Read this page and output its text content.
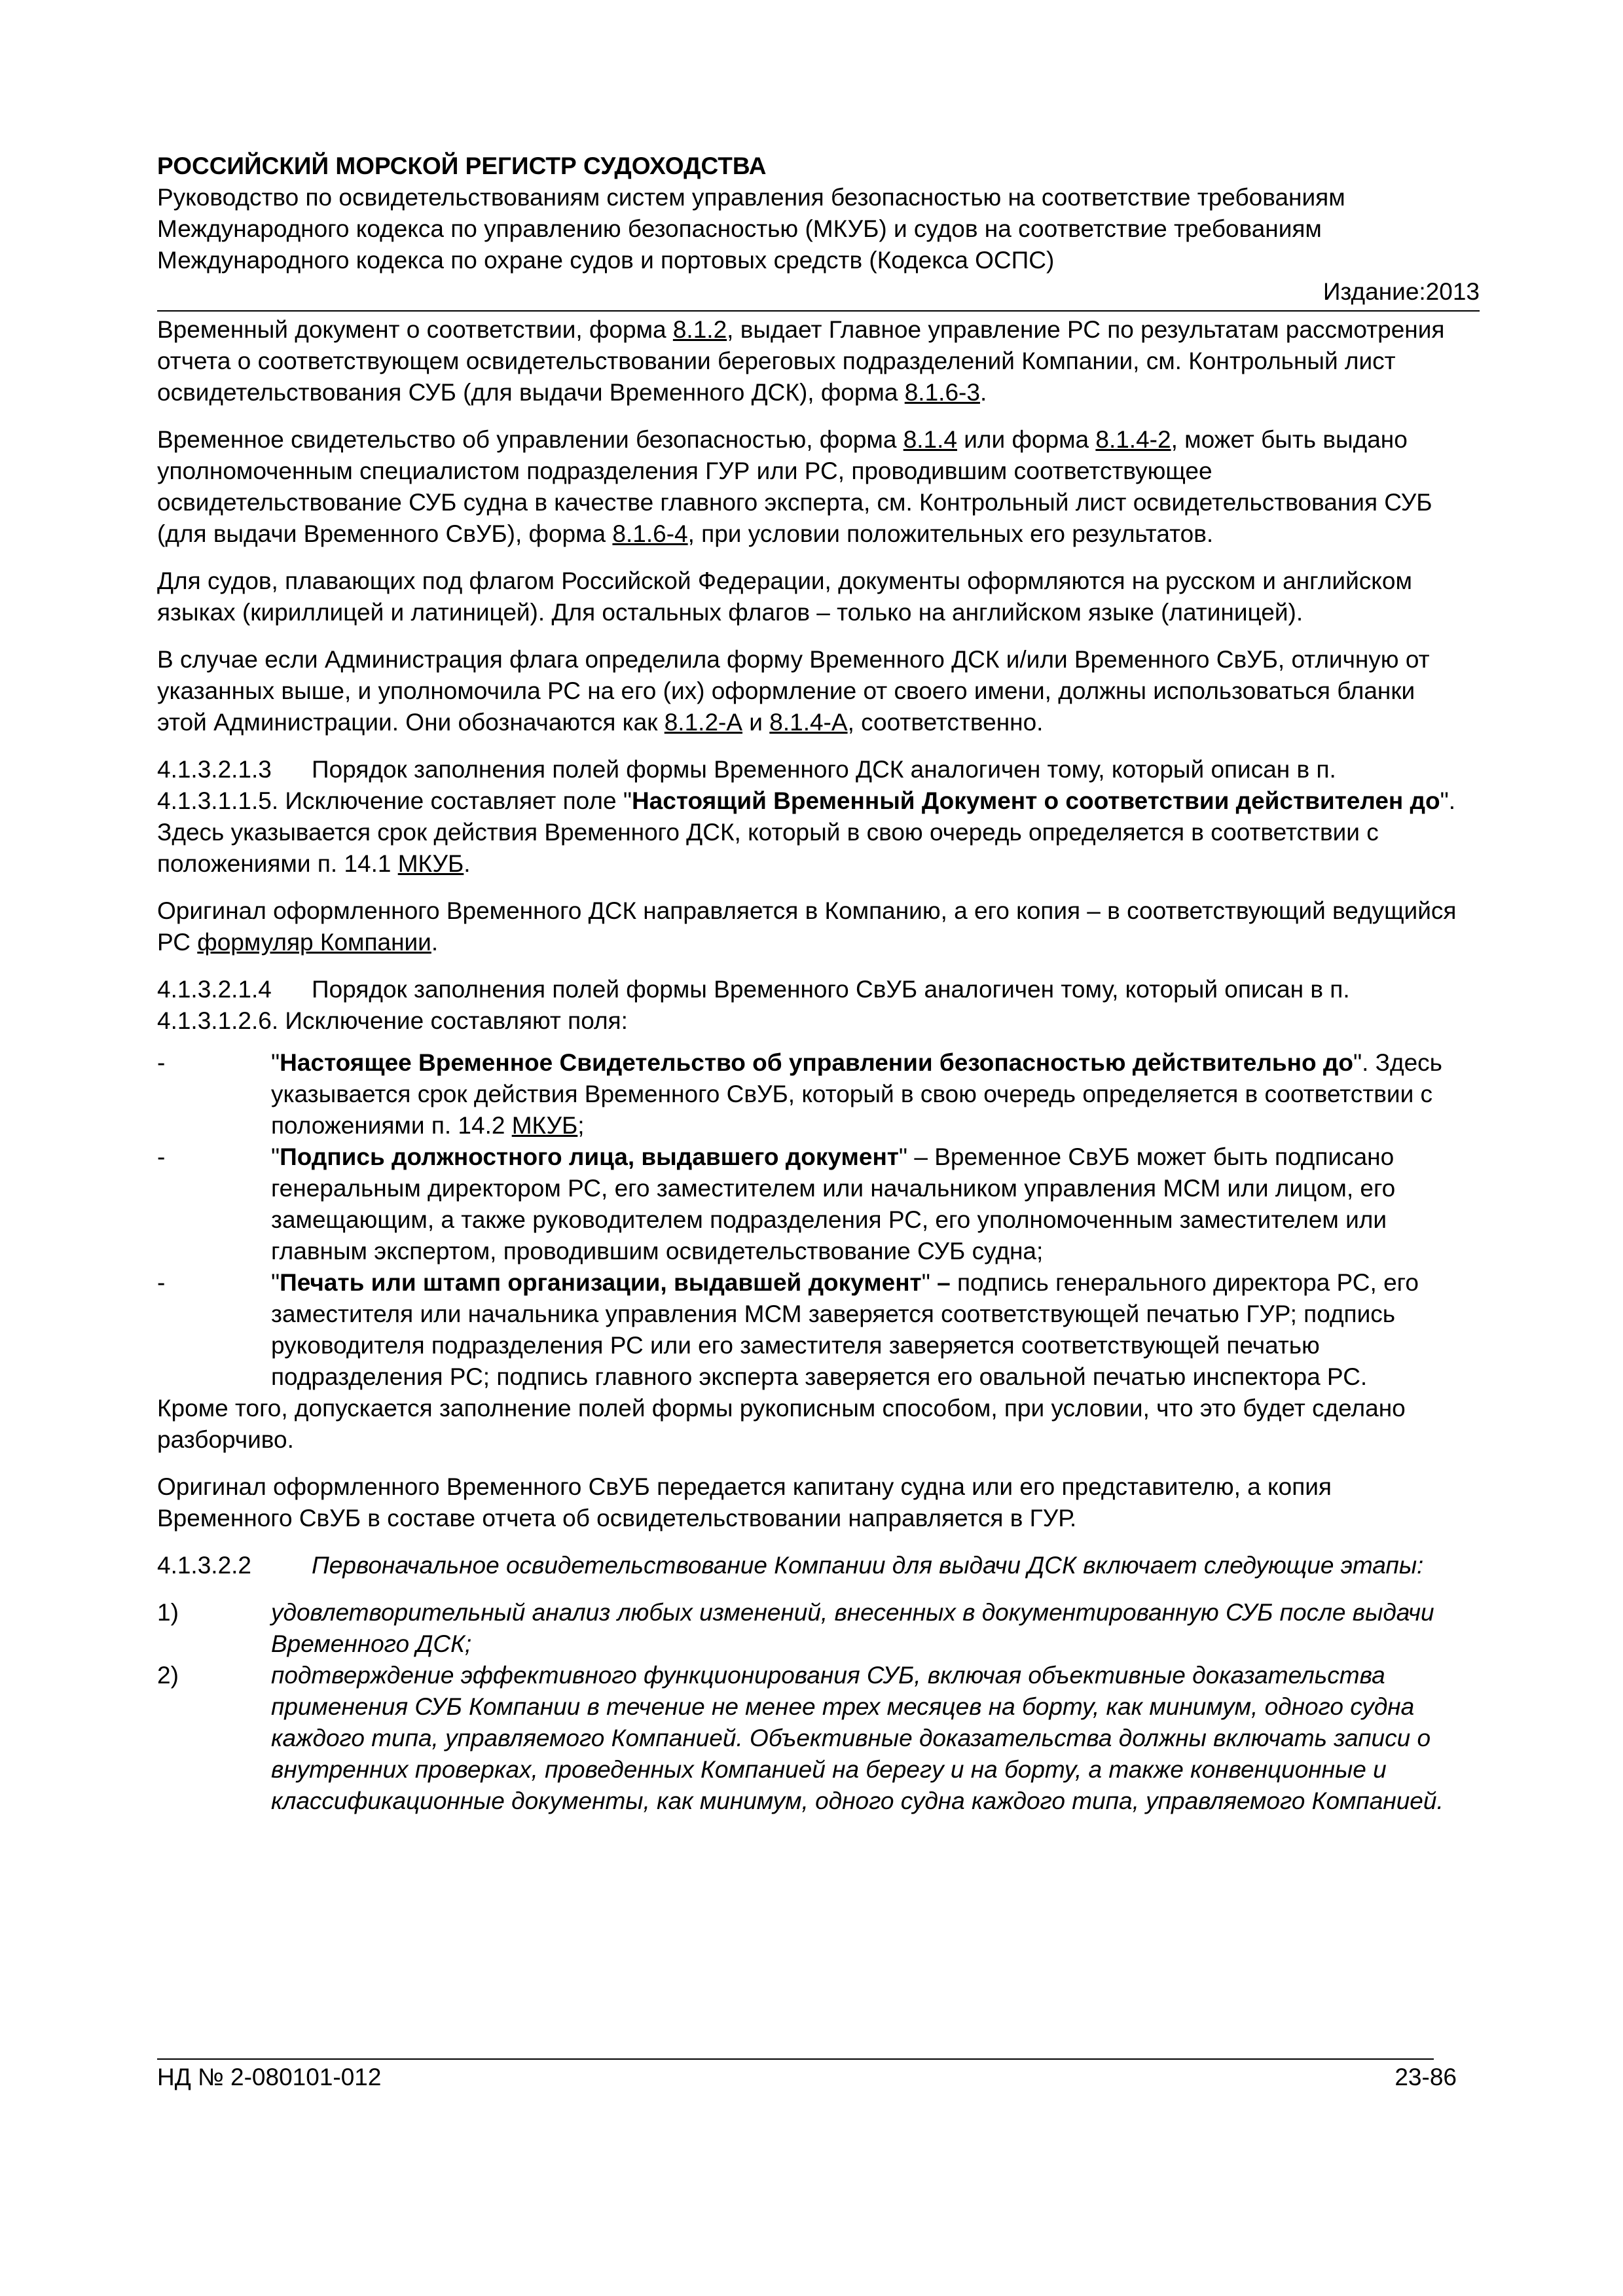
РОССИЙСКИЙ МОРСКОЙ РЕГИСТР СУДОХОДСТВА
Руководство по освидетельствованиям систем управления безопасностью на соответствие требованиям Международного кодекса по управлению безопасностью (МКУБ) и судов на соответствие требованиям Международного кодекса по охране судов и портовых средств (Кодекса ОСПС)
Издание:2013

Временный документ о соответствии, форма 8.1.2, выдает Главное управление РС по результатам рассмотрения отчета о соответствующем освидетельствовании береговых подразделений Компании, см. Контрольный лист освидетельствования СУБ (для выдачи Временного ДСК), форма 8.1.6-3.

Временное свидетельство об управлении безопасностью, форма 8.1.4 или форма 8.1.4-2, может быть выдано уполномоченным специалистом подразделения ГУР или РС, проводившим соответствующее освидетельствование СУБ судна в качестве главного эксперта, см. Контрольный лист освидетельствования СУБ (для выдачи Временного СвУБ), форма 8.1.6-4, при условии положительных его результатов.

Для судов, плавающих под флагом Российской Федерации, документы оформляются на русском и английском языках (кириллицей и латиницей). Для остальных флагов – только на английском языке (латиницей).

В случае если Администрация флага определила форму Временного ДСК и/или Временного СвУБ, отличную от указанных выше, и уполномочила РС на его (их) оформление от своего имени, должны использоваться бланки этой Администрации. Они обозначаются как 8.1.2-А и 8.1.4-А, соответственно.

4.1.3.2.1.3 Порядок заполнения полей формы Временного ДСК аналогичен тому, который описан в п. 4.1.3.1.1.5. Исключение составляет поле "Настоящий Временный Документ о соответствии действителен до". Здесь указывается срок действия Временного ДСК, который в свою очередь определяется в соответствии с положениями п. 14.1 МКУБ.

Оригинал оформленного Временного ДСК направляется в Компанию, а его копия – в соответствующий ведущийся РС формуляр Компании.

4.1.3.2.1.4 Порядок заполнения полей формы Временного СвУБ аналогичен тому, который описан в п. 4.1.3.1.2.6. Исключение составляют поля:

-	"Настоящее Временное Свидетельство об управлении безопасностью действительно до". Здесь указывается срок действия Временного СвУБ, который в свою очередь определяется в соответствии с положениями п. 14.2 МКУБ;
-	"Подпись должностного лица, выдавшего документ" – Временное СвУБ может быть подписано генеральным директором РС, его заместителем или начальником управления МСМ или лицом, его замещающим, а также руководителем подразделения РС, его уполномоченным заместителем или главным экспертом, проводившим освидетельствование СУБ судна;
-	"Печать или штамп организации, выдавшей документ" – подпись генерального директора РС, его заместителя или начальника управления МСМ заверяется соответствующей печатью ГУР; подпись руководителя подразделения РС или его заместителя заверяется соответствующей печатью подразделения РС; подпись главного эксперта заверяется его овальной печатью инспектора РС.

Кроме того, допускается заполнение полей формы рукописным способом, при условии, что это будет сделано разборчиво.

Оригинал оформленного Временного СвУБ передается капитану судна или его представителю, а копия Временного СвУБ в составе отчета об освидетельствовании направляется в ГУР.

4.1.3.2.2 Первоначальное освидетельствование Компании для выдачи ДСК включает следующие этапы:

1)	удовлетворительный анализ любых изменений, внесенных в документированную СУБ после выдачи Временного ДСК;
2)	подтверждение эффективного функционирования СУБ, включая объективные доказательства применения СУБ Компании в течение не менее трех месяцев на борту, как минимум, одного судна каждого типа, управляемого Компанией. Объективные доказательства должны включать записи о внутренних проверках, проведенных Компанией на берегу и на борту, а также конвенционные и классификационные документы, как минимум, одного судна каждого типа, управляемого Компанией.
НД № 2-080101-012	23-86
